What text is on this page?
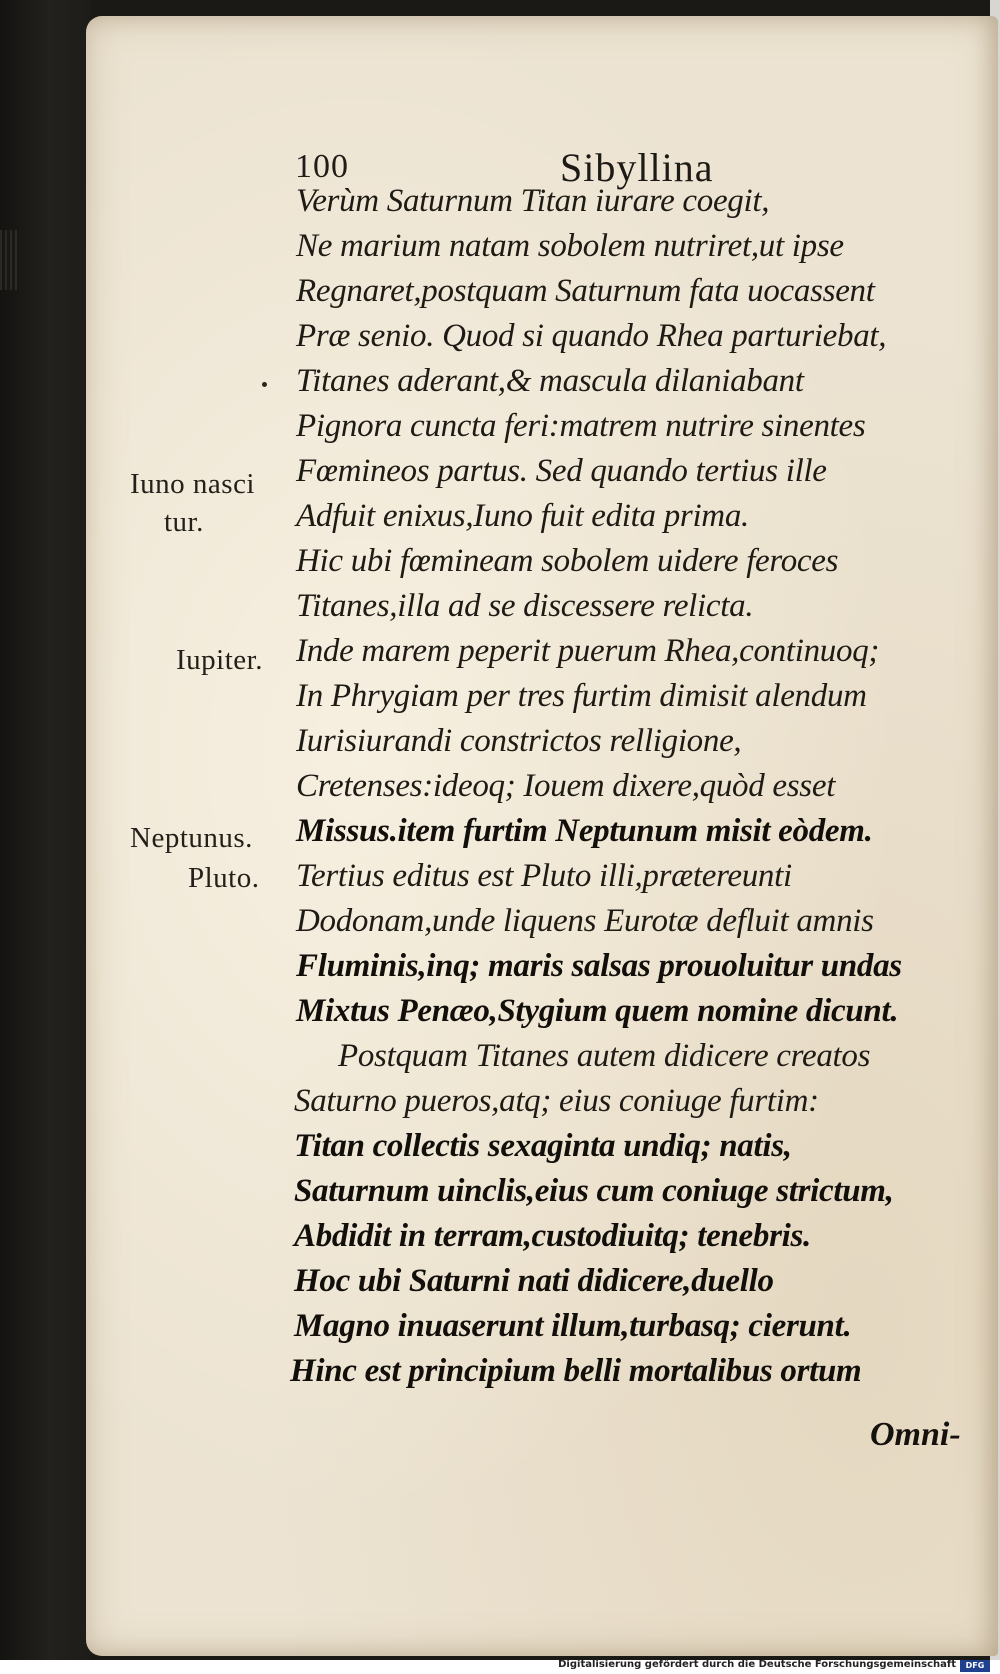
100	Sibyllina
Verùm Saturnum Titan iurare coegit,
Ne marium natam sobolem nutriret,ut ipse
Regnaret,postquam Saturnum fata uocassent
Præ senio. Quod si quando Rhea parturiebat,
Titanes aderant,& mascula dilaniabant
Pignora cuncta feri:matrem nutrire sinentes
Fœmineos partus. Sed quando tertius ille
Adfuit enixus,Iuno fuit edita prima.
Hic ubi fœmineam sobolem uidere feroces
Titanes,illa ad se discessere relicta.
Inde marem peperit puerum Rhea,continuoq;
In Phrygiam per tres furtim dimisit alendum
Iurisiurandi constrictos relligione,
Cretenses:ideoq; Iouem dixere,quòd esset
Missus.item furtim Neptunum misit eòdem.
Tertius editus est Pluto illi,prætereunti
Dodonam,unde liquens Eurotæ defluit amnis
Fluminis,inq; maris salsas prouoluitur undas
Mixtus Penæo,Stygium quem nomine dicunt.
Postquam Titanes autem didicere creatos
Saturno pueros,atq; eius coniuge furtim:
Titan collectis sexaginta undiq; natis,
Saturnum uinclis,eius cum coniuge strictum,
Abdidit in terram,custodiuitq; tenebris.
Hoc ubi Saturni nati didicere,duello
Magno inuaserunt illum,turbasq; cierunt.
Hinc est principium belli mortalibus ortum
Iuno nasci
tur.
Iupiter.
Neptunus.
Pluto.
Omni-
Digitalisierung gefördert durch die Deutsche Forschungsgemeinschaft	DFG
